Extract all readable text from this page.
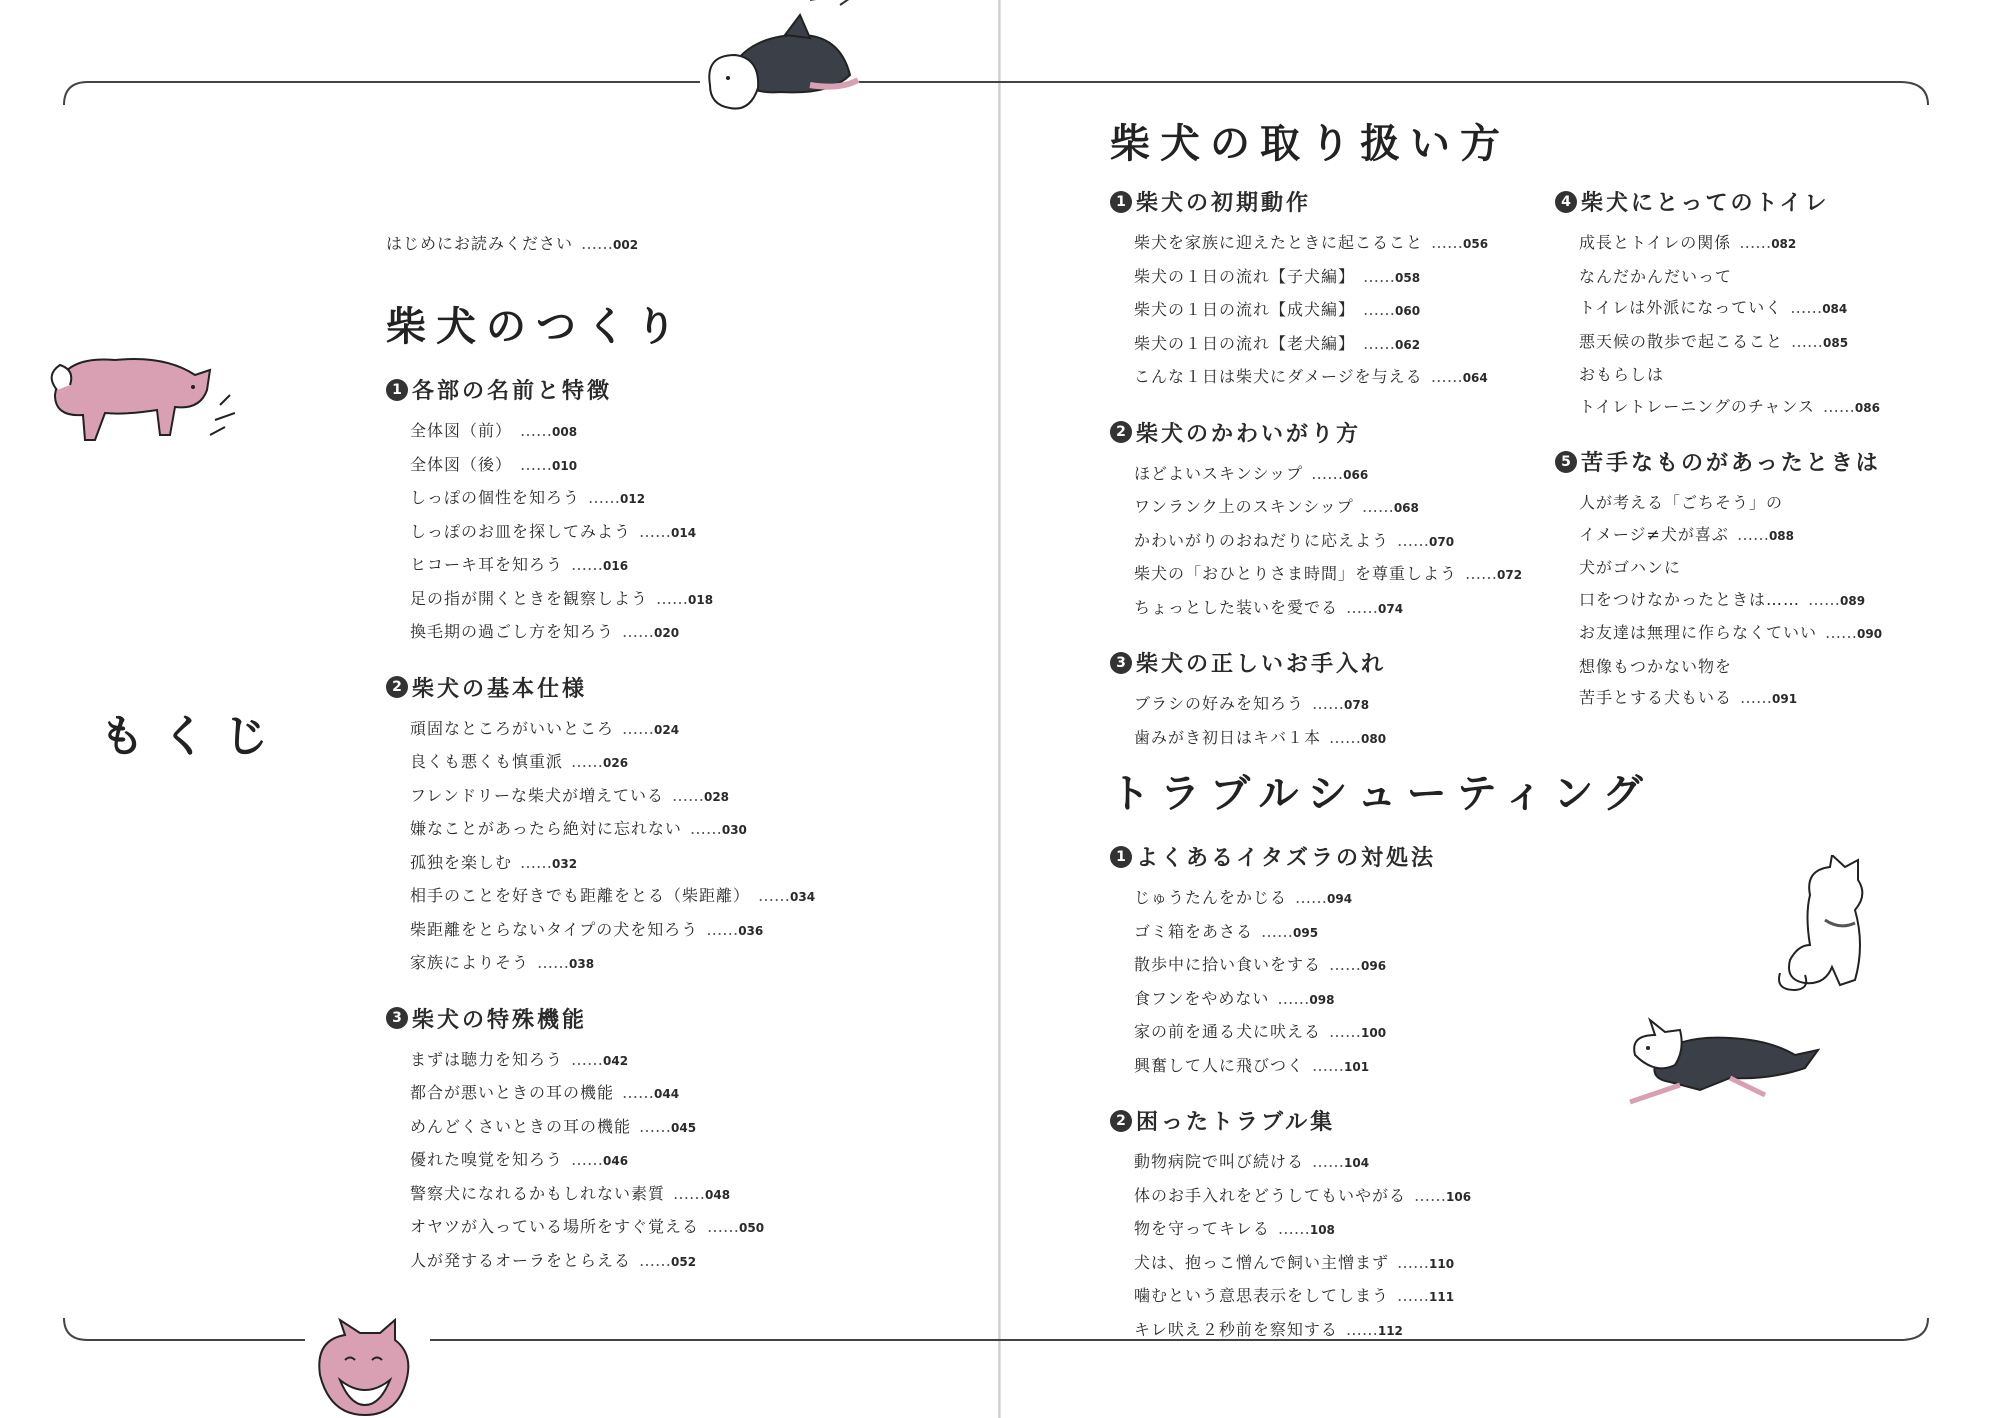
もくじ
はじめにお読みください ……002
柴犬のつくり
1 各部の名前と特徴
全体図（前） ……008
全体図（後） ……010
しっぽの個性を知ろう ……012
しっぽのお皿を探してみよう ……014
ヒコーキ耳を知ろう ……016
足の指が開くときを観察しよう ……018
換毛期の過ごし方を知ろう ……020
2 柴犬の基本仕様
頑固なところがいいところ ……024
良くも悪くも慎重派 ……026
フレンドリーな柴犬が増えている ……028
嫌なことがあったら絶対に忘れない ……030
孤独を楽しむ ……032
相手のことを好きでも距離をとる（柴距離） ……034
柴距離をとらないタイプの犬を知ろう ……036
家族によりそう ……038
3 柴犬の特殊機能
まずは聴力を知ろう ……042
都合が悪いときの耳の機能 ……044
めんどくさいときの耳の機能 ……045
優れた嗅覚を知ろう ……046
警察犬になれるかもしれない素質 ……048
オヤツが入っている場所をすぐ覚える ……050
人が発するオーラをとらえる ……052
柴犬の取り扱い方
1 柴犬の初期動作
柴犬を家族に迎えたときに起こること ……056
柴犬の１日の流れ【子犬編】 ……058
柴犬の１日の流れ【成犬編】 ……060
柴犬の１日の流れ【老犬編】 ……062
こんな１日は柴犬にダメージを与える ……064
2 柴犬のかわいがり方
ほどよいスキンシップ ……066
ワンランク上のスキンシップ ……068
かわいがりのおねだりに応えよう ……070
柴犬の「おひとりさま時間」を尊重しよう ……072
ちょっとした装いを愛でる ……074
3 柴犬の正しいお手入れ
ブラシの好みを知ろう ……078
歯みがき初日はキバ１本 ……080
4 柴犬にとってのトイレ
成長とトイレの関係 ……082
なんだかんだいって
トイレは外派になっていく ……084
悪天候の散歩で起こること ……085
おもらしは
トイレトレーニングのチャンス ……086
5 苦手なものがあったときは
人が考える「ごちそう」の
イメージ≠犬が喜ぶ ……088
犬がゴハンに
口をつけなかったときは…… ……089
お友達は無理に作らなくていい ……090
想像もつかない物を
苦手とする犬もいる ……091
トラブルシューティング
1 よくあるイタズラの対処法
じゅうたんをかじる ……094
ゴミ箱をあさる ……095
散歩中に拾い食いをする ……096
食フンをやめない ……098
家の前を通る犬に吠える ……100
興奮して人に飛びつく ……101
2 困ったトラブル集
動物病院で叫び続ける ……104
体のお手入れをどうしてもいやがる ……106
物を守ってキレる ……108
犬は、抱っこ憎んで飼い主憎まず ……110
噛むという意思表示をしてしまう ……111
キレ吠え２秒前を察知する ……112
